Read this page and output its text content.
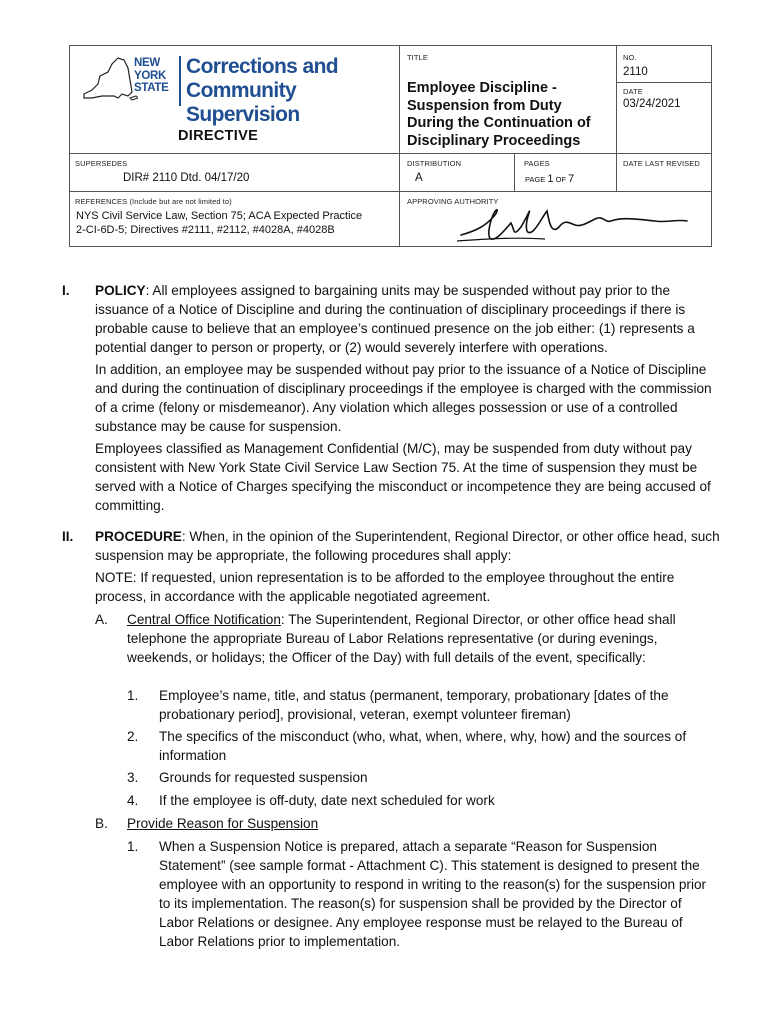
NEW
YORK
STATE
Corrections and
Community Supervision
DIRECTIVE
TITLE
Employee Discipline - Suspension from Duty During the Continuation of Disciplinary Proceedings
NO.
2110
DATE
03/24/2021
SUPERSEDES
DIR# 2110 Dtd. 04/17/20
DISTRIBUTION
A
PAGES
PAGE 1 OF 7
DATE LAST REVISED
REFERENCES (Include but are not limited to)
NYS Civil Service Law, Section 75; ACA Expected Practice
2-CI-6D-5; Directives #2111, #2112, #4028A, #4028B
APPROVING AUTHORITY
I. POLICY: All employees assigned to bargaining units may be suspended without pay prior to the issuance of a Notice of Discipline and during the continuation of disciplinary proceedings if there is probable cause to believe that an employee’s continued presence on the job either: (1) represents a potential danger to person or property, or (2) would severely interfere with operations.

In addition, an employee may be suspended without pay prior to the issuance of a Notice of Discipline and during the continuation of disciplinary proceedings if the employee is charged with the commission of a crime (felony or misdemeanor). Any violation which alleges possession or use of a controlled substance may be cause for suspension.

Employees classified as Management Confidential (M/C), may be suspended from duty without pay consistent with New York State Civil Service Law Section 75. At the time of suspension they must be served with a Notice of Charges specifying the misconduct or incompetence they are being accused of committing.

II. PROCEDURE: When, in the opinion of the Superintendent, Regional Director, or other office head, such suspension may be appropriate, the following procedures shall apply:

NOTE: If requested, union representation is to be afforded to the employee throughout the entire process, in accordance with the applicable negotiated agreement.

A. Central Office Notification: The Superintendent, Regional Director, or other office head shall telephone the appropriate Bureau of Labor Relations representative (or during evenings, weekends, or holidays; the Officer of the Day) with full details of the event, specifically:

1. Employee’s name, title, and status (permanent, temporary, probationary [dates of the probationary period], provisional, veteran, exempt volunteer fireman)
2. The specifics of the misconduct (who, what, when, where, why, how) and the sources of information
3. Grounds for requested suspension
4. If the employee is off-duty, date next scheduled for work
B. Provide Reason for Suspension
1. When a Suspension Notice is prepared, attach a separate “Reason for Suspension Statement” (see sample format - Attachment C). This statement is designed to present the employee with an opportunity to respond in writing to the reason(s) for the suspension prior to its implementation. The reason(s) for suspension shall be provided by the Director of Labor Relations or designee. Any employee response must be relayed to the Bureau of Labor Relations prior to implementation.
